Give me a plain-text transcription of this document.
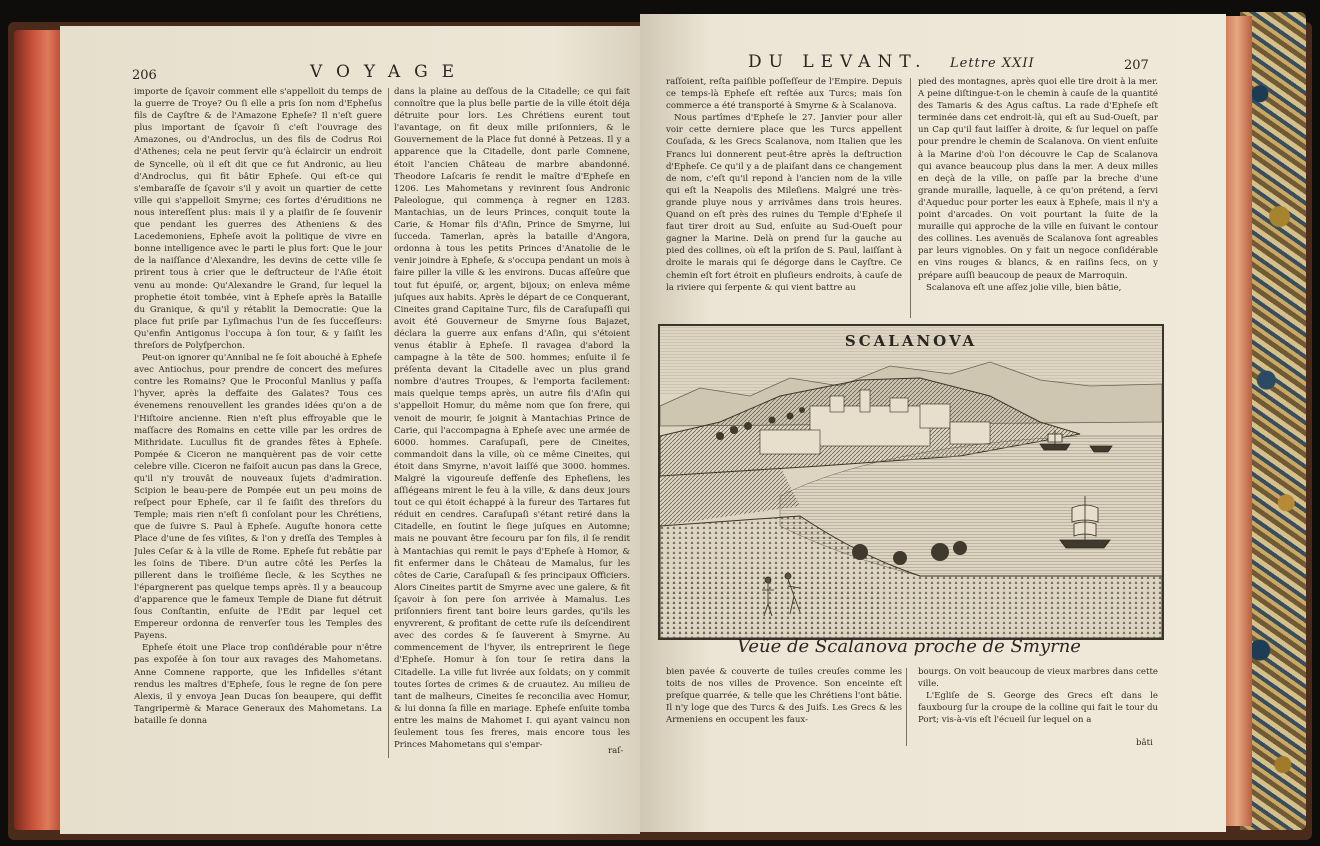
206	VOYAGE

importe de ſçavoir comment elle s'appelloit du temps de la guerre de Troye? Ou ſi elle a pris ſon nom d'Epheſus fils de Cayſtre & de l'Amazone Epheſe? Il n'eſt guere plus important de ſçavoir ſi c'eſt l'ouvrage des Amazones, ou d'Androclus, un des fils de Codrus Roi d'Athenes; cela ne peut ſervir qu'à éclaircir un endroit de Syncelle, où il eſt dit que ce fut Andronic, au lieu d'Androclus, qui fit bâtir Epheſe. Qui eſt-ce qui s'embaraſſe de ſçavoir s'il y avoit un quartier de cette ville qui s'appelloit Smyrne; ces ſortes d'éruditions ne nous intereſſent plus: mais il y a plaiſir de ſe ſouvenir que pendant les guerres des Atheniens & des Lacedemoniens, Epheſe avoit la politique de vivre en bonne intelligence avec le parti le plus fort: Que le jour de la naiſſance d'Alexandre, les devins de cette ville ſe prirent tous à crier que le deſtructeur de l'Aſie étoit venu au monde: Qu'Alexandre le Grand, ſur lequel la prophetie étoit tombée, vint à Epheſe après la Bataille du Granique, & qu'il y rétablit la Democratie: Que la place fut priſe par Lyſimachus l'un de ſes ſucceſſeurs: Qu'enfin Antigonus l'occupa à ſon tour, & y ſaiſit les threſors de Polyſperchon.

Peut-on ignorer qu'Annibal ne ſe ſoit abouché à Epheſe avec Antiochus, pour prendre de concert des meſures contre les Romains? Que le Proconſul Manlius y paſſa l'hyver, après la deffaite des Galates? Tous ces évenemens renouvellent les grandes idées qu'on a de l'Hiſtoire ancienne. Rien n'eſt plus effroyable que le maſſacre des Romains en cette ville par les ordres de Mithridate. Lucullus fit de grandes fêtes à Epheſe. Pompée & Ciceron ne manquèrent pas de voir cette celebre ville. Ciceron ne faiſoit aucun pas dans la Grece, qu'il n'y trouvât de nouveaux ſujets d'admiration. Scipion le beau-pere de Pompée eut un peu moins de reſpect pour Epheſe, car il ſe ſaiſit des threſors du Temple; mais rien n'eſt ſi conſolant pour les Chrétiens, que de ſuivre S. Paul à Epheſe. Auguſte honora cette Place d'une de ſes viſites, & l'on y dreſſa des Temples à Jules Ceſar & à la ville de Rome. Epheſe fut rebâtie par les ſoins de Tibere. D'un autre côté les Perſes la pillerent dans le troiſiéme ſiecle, & les Scythes ne l'épargnerent pas quelque temps après. Il y a beaucoup d'apparence que le fameux Temple de Diane fut détruit ſous Conſtantin, enſuite de l'Edit par lequel cet Empereur ordonna de renverſer tous les Temples des Payens.

Epheſe étoit une Place trop conſidérable pour n'être pas expoſée à ſon tour aux ravages des Mahometans. Anne Comnene rapporte, que les Infidelles s'étant rendus les maîtres d'Epheſe, ſous le regne de ſon pere Alexis, il y envoya Jean Ducas ſon beaupere, qui deffit Tangripermè & Marace Generaux des Mahometans. La bataille ſe donna

dans la plaine au deſſous de la Citadelle; ce qui fait connoître que la plus belle partie de la ville étoit déja détruite pour lors. Les Chrétiens eurent tout l'avantage, on fit deux mille priſonniers, & le Gouvernement de la Place fut donné à Petzeas. Il y a apparence que la Citadelle, dont parle Comnene, étoit l'ancien Château de marbre abandonné. Theodore Laſcaris ſe rendit le maître d'Epheſe en 1206. Les Mahometans y revinrent ſous Andronic Paleologue, qui commença à regner en 1283. Mantachias, un de leurs Princes, conquit toute la Carie, & Homar fils d'Aſin, Prince de Smyrne, lui ſucceda. Tamerlan, après la bataille d'Angora, ordonna à tous les petits Princes d'Anatolie de le venir joindre à Epheſe, & s'occupa pendant un mois à faire piller la ville & les environs. Ducas aſſeûre que tout fut épuiſé, or, argent, bijoux; on enleva même juſques aux habits. Après le départ de ce Conquerant, Cineites grand Capitaine Turc, fils de Caraſupaſſi qui avoit été Gouverneur de Smyrne ſous Bajazet, déclara la guerre aux enfans d'Aſin, qui s'étoient venus établir à Epheſe. Il ravagea d'abord la campagne à la tête de 500. hommes; enſuite il ſe préſenta devant la Citadelle avec un plus grand nombre d'autres Troupes, & l'emporta facilement: mais quelque temps après, un autre fils d'Aſin qui s'appelloit Homur, du même nom que ſon frere, qui venoit de mourir, ſe joignit à Mantachias Prince de Carie, qui l'accompagna à Epheſe avec une armée de 6000. hommes. Caraſupaſi, pere de Cineites, commandoit dans la ville, où ce même Cineites, qui étoit dans Smyrne, n'avoit laiſſé que 3000. hommes. Malgré la vigoureuſe deffenſe des Epheſiens, les aſſiégeans mirent le feu à la ville, & dans deux jours tout ce qui étoit échappé à la fureur des Tartares fut réduit en cendres. Caraſupaſi s'étant retiré dans la Citadelle, en ſoutint le ſiege juſques en Automne; mais ne pouvant être ſecouru par ſon fils, il ſe rendit à Mantachias qui remit le pays d'Epheſe à Homor, & fit enfermer dans le Château de Mamalus, ſur les côtes de Carie, Caraſupaſi & ſes principaux Officiers. Alors Cineites partit de Smyrne avec une galere, & fit ſçavoir à ſon pere ſon arrivée à Mamalus. Les priſonniers firent tant boire leurs gardes, qu'ils les enyvrerent, & profitant de cette ruſe ils deſcendirent avec des cordes & ſe ſauverent à Smyrne. Au commencement de l'hyver, ils entreprirent le ſiege d'Epheſe. Homur à ſon tour ſe retira dans la Citadelle. La ville fut livrée aux ſoldats; on y commit toutes ſortes de crimes & de cruautez. Au milieu de tant de malheurs, Cineites ſe reconcilia avec Homur, & lui donna ſa fille en mariage. Epheſe enſuite tomba entre les mains de Mahomet I. qui ayant vaincu non ſeulement tous ſes freres, mais encore tous les Princes Mahometans qui s'empar-

raſ-
DU LEVANT. Lettre XXII	207

raſſoient, reſta paiſible poſſeſſeur de l'Empire. Depuis ce temps-là Epheſe eſt reſtée aux Turcs; mais ſon commerce a été transporté à Smyrne & à Scalanova.

Nous partîmes d'Epheſe le 27. Janvier pour aller voir cette derniere place que les Turcs appellent Couſada, & les Grecs Scalanova, nom Italien que les Francs lui donnerent peut-être après la deſtruction d'Epheſe. Ce qu'il y a de plaiſant dans ce changement de nom, c'eſt qu'il repond à l'ancien nom de la ville qui eſt la Neapolis des Mileſiens. Malgré une très-grande pluye nous y arrivâmes dans trois heures. Quand on eſt près des ruines du Temple d'Epheſe il faut tirer droit au Sud, enſuite au Sud-Oueſt pour gagner la Marine. Delà on prend ſur la gauche au pied des collines, où eſt la priſon de S. Paul, laiſſant à droite le marais qui ſe dégorge dans le Cayſtre. Ce chemin eſt fort étroit en pluſieurs endroits, à cauſe de la riviere qui ſerpente & qui vient battre au

pied des montagnes, après quoi elle tire droit à la mer. A peine diſtingue-t-on le chemin à cauſe de la quantité des Tamaris & des Agus caſtus. La rade d'Epheſe eſt terminée dans cet endroit-là, qui eſt au Sud-Oueſt, par un Cap qu'il faut laiſſer à droite, & ſur lequel on paſſe pour prendre le chemin de Scalanova. On vient enſuite à la Marine d'où l'on découvre le Cap de Scalanova qui avance beaucoup plus dans la mer. A deux milles en deçà de la ville, on paſſe par la breche d'une grande muraille, laquelle, à ce qu'on prétend, a ſervi d'Aqueduc pour porter les eaux à Epheſe, mais il n'y a point d'arcades. On voit pourtant la ſuite de la muraille qui approche de la ville en ſuivant le contour des collines. Les avenuës de Scalanova ſont agreables par leurs vignobles. On y fait un negoce conſidérable en vins rouges & blancs, & en raiſins ſecs, on y prépare auſſi beaucoup de peaux de Marroquin.

Scalanova eſt une aſſez jolie ville, bien bâtie,

bien pavée & couverte de tuiles creuſes comme les toits de nos villes de Provence. Son enceinte eſt preſque quarrée, & telle que les Chrétiens l'ont bâtie. Il n'y loge que des Turcs & des Juifs. Les Grecs & les Armeniens en occupent les faux-

bourgs. On voit beaucoup de vieux marbres dans cette ville.

L'Egliſe de S. George des Grecs eſt dans le fauxbourg ſur la croupe de la colline qui fait le tour du Port; vis-à-vis eſt l'écueil ſur lequel on a

bâti
SCALANOVA
Veüe de Scalanova proche de Smyrne
